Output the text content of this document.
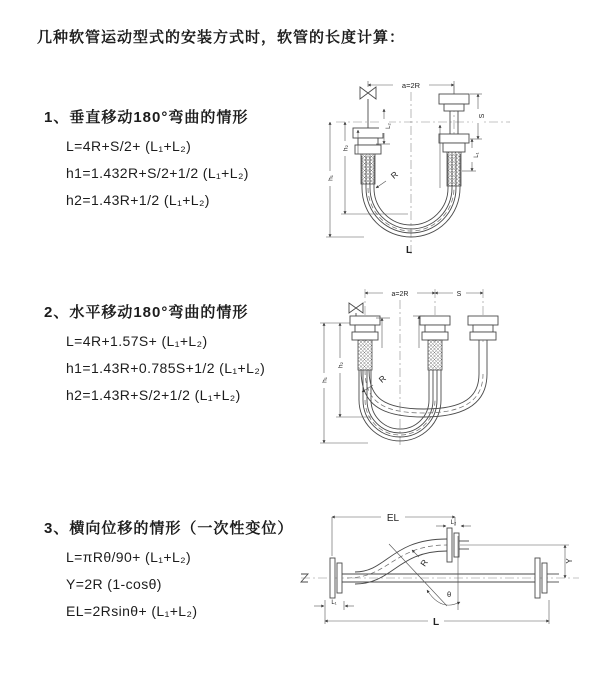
几种软管运动型式的安装方式时，软管的长度计算：
1、垂直移动180°弯曲的情形
L=4R+S/2+ (L₁+L₂)
h1=1.432R+S/2+1/2 (L₁+L₂)
h2=1.43R+1/2 (L₁+L₂)
2、水平移动180°弯曲的情形
L=4R+1.57S+ (L₁+L₂)
h1=1.43R+0.785S+1/2 (L₁+L₂)
h2=1.43R+S/2+1/2 (L₁+L₂)
3、横向位移的情形（一次性变位）
L=πRθ/90+ (L₁+L₂)
Y=2R (1-cosθ)
EL=2Rsinθ+ (L₁+L₂)
a=2R
S
L₁
L₂
h₂
h₁	R
L
a=2R	S
h₁
h₂
R
θ
R
EL	L₂
Y
L
L₁
